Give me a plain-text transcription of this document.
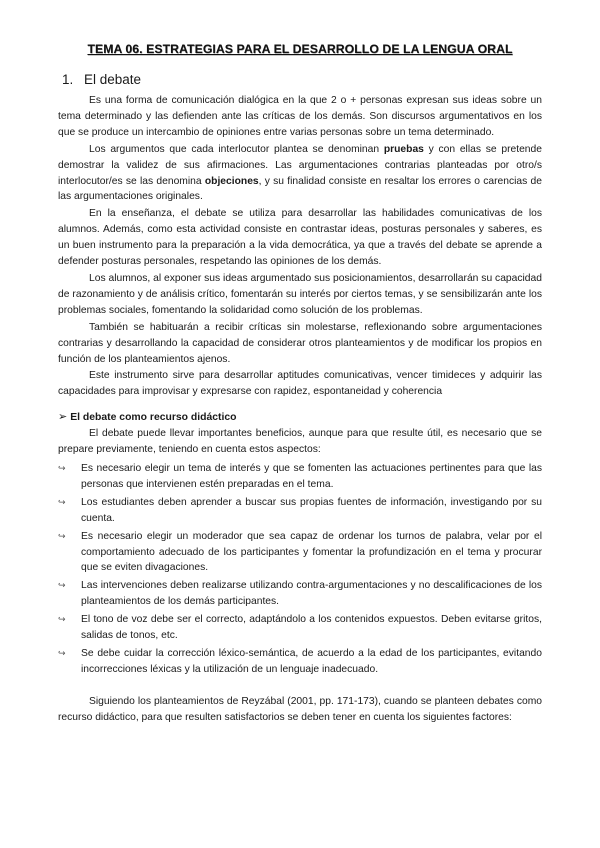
TEMA 06. ESTRATEGIAS PARA EL DESARROLLO DE LA LENGUA ORAL
1. El debate

Es una forma de comunicación dialógica en la que 2 o + personas expresan sus ideas sobre un tema determinado y las defienden ante las críticas de los demás. Son discursos argumentativos en los que se produce un intercambio de opiniones entre varias personas sobre un tema determinado.

Los argumentos que cada interlocutor plantea se denominan pruebas y con ellas se pretende demostrar la validez de sus afirmaciones. Las argumentaciones contrarias planteadas por otro/s interlocutor/es se las denomina objeciones, y su finalidad consiste en resaltar los errores o carencias de las argumentaciones originales.

En la enseñanza, el debate se utiliza para desarrollar las habilidades comunicativas de los alumnos. Además, como esta actividad consiste en contrastar ideas, posturas personales y saberes, es un buen instrumento para la preparación a la vida democrática, ya que a través del debate se aprende a defender posturas personales, respetando las opiniones de los demás.

Los alumnos, al exponer sus ideas argumentado sus posicionamientos, desarrollarán su capacidad de razonamiento y de análisis crítico, fomentarán su interés por ciertos temas, y se sensibilizarán ante los problemas sociales, fomentando la solidaridad como solución de los problemas.

También se habituarán a recibir críticas sin molestarse, reflexionando sobre argumentaciones contrarias y desarrollando la capacidad de considerar otros planteamientos y de modificar los propios en función de los planteamientos ajenos.

Este instrumento sirve para desarrollar aptitudes comunicativas, vencer timideces y adquirir las capacidades para improvisar y expresarse con rapidez, espontaneidad y coherencia

➢ El debate como recurso didáctico

El debate puede llevar importantes beneficios, aunque para que resulte útil, es necesario que se prepare previamente, teniendo en cuenta estos aspectos:

↪	Es necesario elegir un tema de interés y que se fomenten las actuaciones pertinentes para que las personas que intervienen estén preparadas en el tema.
↪	Los estudiantes deben aprender a buscar sus propias fuentes de información, investigando por su cuenta.
↪	Es necesario elegir un moderador que sea capaz de ordenar los turnos de palabra, velar por el comportamiento adecuado de los participantes y fomentar la profundización en el tema y procurar que se eviten divagaciones.
↪	Las intervenciones deben realizarse utilizando contra-argumentaciones y no descalificaciones de los planteamientos de los demás participantes.
↪	El tono de voz debe ser el correcto, adaptándolo a los contenidos expuestos. Deben evitarse gritos, salidas de tonos, etc.
↪	Se debe cuidar la corrección léxico-semántica, de acuerdo a la edad de los participantes, evitando incorrecciones léxicas y la utilización de un lenguaje inadecuado.

Siguiendo los planteamientos de Reyzábal (2001, pp. 171-173), cuando se planteen debates como recurso didáctico, para que resulten satisfactorios se deben tener en cuenta los siguientes factores:
